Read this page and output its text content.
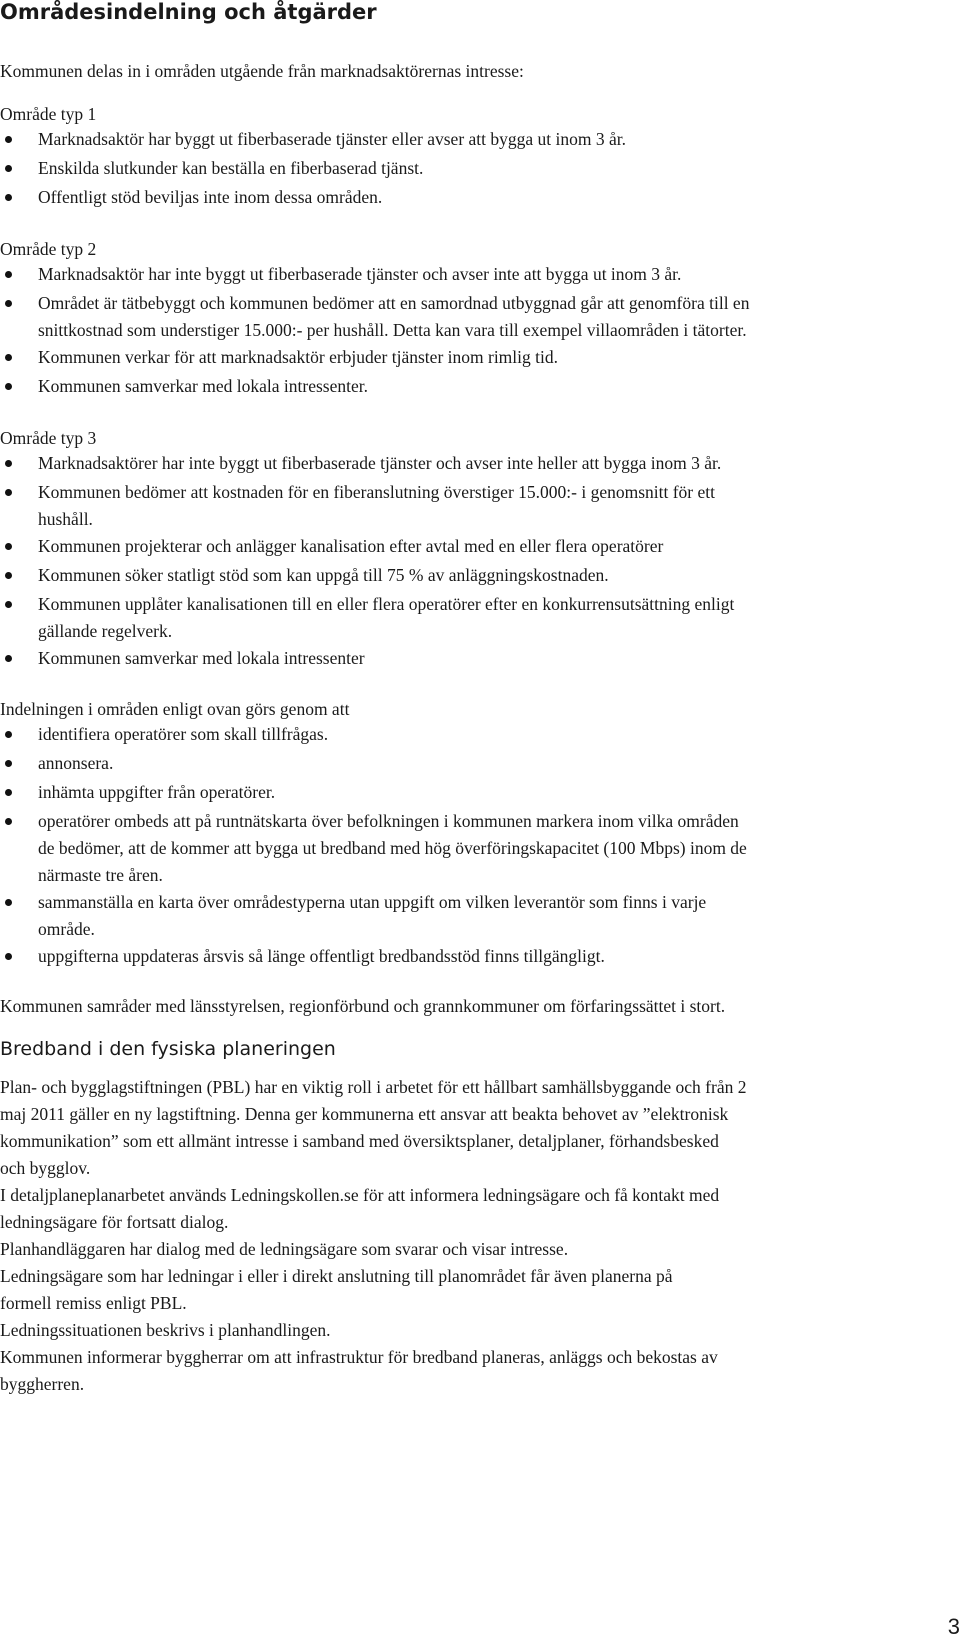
Områdesindelning och åtgärder
Kommunen delas in i områden utgående från marknadsaktörernas intresse:
Område typ 1
Marknadsaktör har byggt ut fiberbaserade tjänster eller avser att bygga ut inom 3 år.
Enskilda slutkunder kan beställa en fiberbaserad tjänst.
Offentligt stöd beviljas inte inom dessa områden.
Område typ 2
Marknadsaktör har inte byggt ut fiberbaserade tjänster och avser inte att bygga ut inom 3 år.
Området är tätbebyggt och kommunen bedömer att en samordnad utbyggnad går att genomföra till en
snittkostnad som understiger 15.000:- per hushåll. Detta kan vara till exempel villaområden i tätorter.
Kommunen verkar för att marknadsaktör erbjuder tjänster inom rimlig tid.
Kommunen samverkar med lokala intressenter.
Område typ 3
Marknadsaktörer har inte byggt ut fiberbaserade tjänster och avser inte heller att bygga inom 3 år.
Kommunen bedömer att kostnaden för en fiberanslutning överstiger 15.000:- i genomsnitt för ett
hushåll.
Kommunen projekterar och anlägger kanalisation efter avtal med en eller flera operatörer
Kommunen söker statligt stöd som kan uppgå till 75 % av anläggningskostnaden.
Kommunen upplåter kanalisationen till en eller flera operatörer efter en konkurrensutsättning enligt
gällande regelverk.
Kommunen samverkar med lokala intressenter
Indelningen i områden enligt ovan görs genom att
identifiera operatörer som skall tillfrågas.
annonsera.
inhämta uppgifter från operatörer.
operatörer ombeds att på runtnätskarta över befolkningen i kommunen markera inom vilka områden
de bedömer, att de kommer att bygga ut bredband med hög överföringskapacitet (100 Mbps) inom de
närmaste tre åren.
sammanställa en karta över områdestyperna utan uppgift om vilken leverantör som finns i varje
område.
uppgifterna uppdateras årsvis så länge offentligt bredbandsstöd finns tillgängligt.
Kommunen samråder med länsstyrelsen, regionförbund och grannkommuner om förfaringssättet i stort.
Bredband i den fysiska planeringen
Plan- och bygglagstiftningen (PBL) har en viktig roll i arbetet för ett hållbart samhällsbyggande och från 2
maj 2011 gäller en ny lagstiftning. Denna ger kommunerna ett ansvar att beakta behovet av ”elektronisk
kommunikation” som ett allmänt intresse i samband med översiktsplaner, detaljplaner, förhandsbesked
och bygglov.
I detaljplaneplanarbetet används Ledningskollen.se för att informera ledningsägare och få kontakt med
ledningsägare för fortsatt dialog.
Planhandläggaren har dialog med de ledningsägare som svarar och visar intresse.
Ledningsägare som har ledningar i eller i direkt anslutning till planområdet får även planerna på
formell remiss enligt PBL.
Ledningssituationen beskrivs i planhandlingen.
Kommunen informerar byggherrar om att infrastruktur för bredband planeras, anläggs och bekostas av
byggherren.
3
